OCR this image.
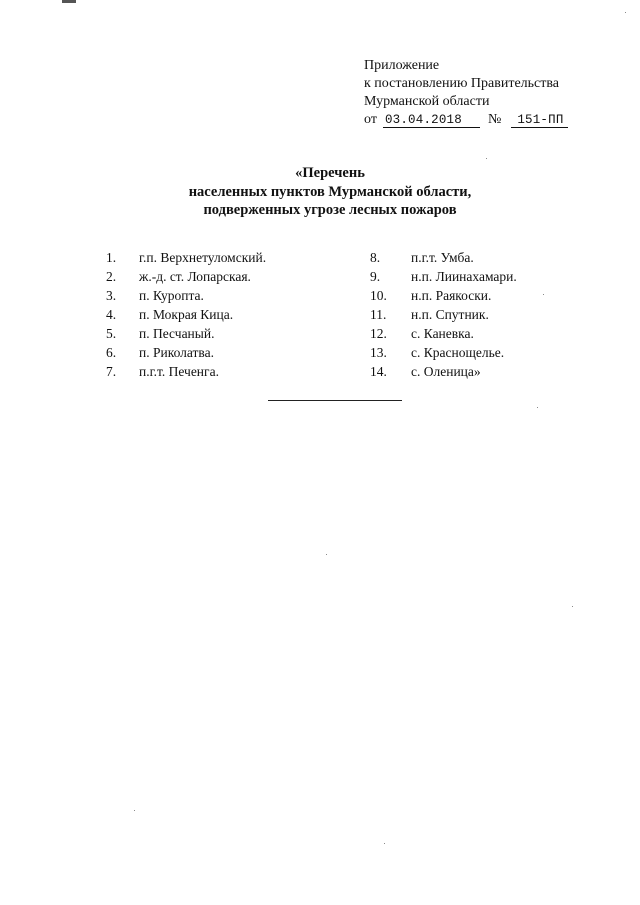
Приложение
к постановлению Правительства
Мурманской области
от 03.04.2018	№	151-ПП
«Перечень
населенных пунктов Мурманской области,
подверженных угрозе лесных пожаров
1.	г.п. Верхнетуломский.
2.	ж.-д. ст. Лопарская.
3.	п. Куропта.
4.	п. Мокрая Кица.
5.	п. Песчаный.
6.	п. Риколатва.
7.	п.г.т. Печенга.
8.	п.г.т. Умба.
9.	н.п. Лиинахамари.
10.	н.п. Раякоски.
11.	н.п. Спутник.
12.	с. Каневка.
13.	с. Краснощелье.
14.	с. Оленица»
